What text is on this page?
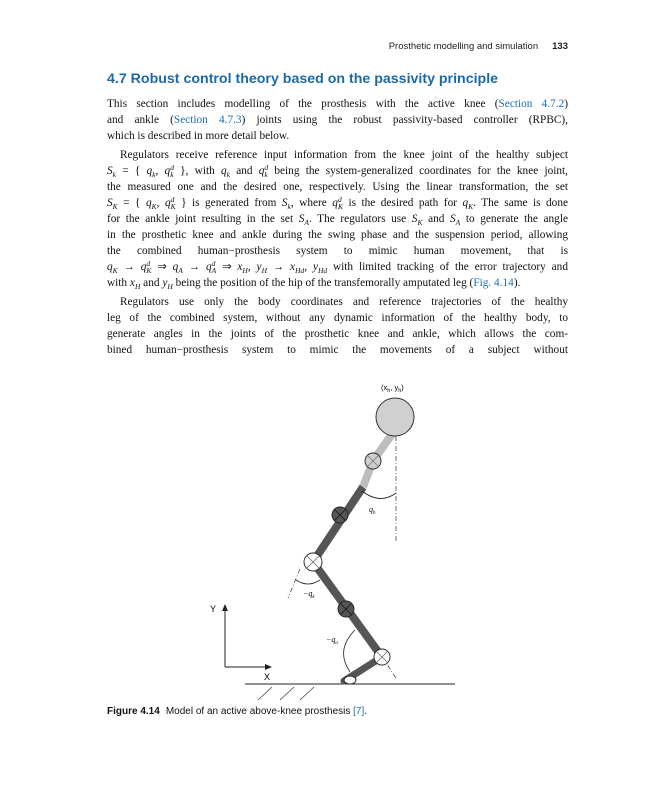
Prosthetic modelling and simulation 133
4.7 Robust control theory based on the passivity principle
This section includes modelling of the prosthesis with the active knee (Section 4.7.2)
and ankle (Section 4.7.3) joints using the robust passivity-based controller (RPBC),
which is described in more detail below.
Regulators receive reference input information from the knee joint of the healthy subject
S
k = { q
k , q d
k }, with q
k and q d
k being the system-generalized coordinates for the knee joint,
the measured one and the desired one, respectively. Using the linear transformation, the set
S
K = { q
K , q d
K } is generated from S
k , where q d
K is the desired path for q
K . The same is done
for the ankle joint resulting in the set S
A . The regulators use S
K and S
A to generate the angle
in the prosthetic knee and ankle during the swing phase and the suspension period, allowing
the combined human−prosthesis system to mimic human movement, that is
q
K → q d
K ⇒ q
A → q d
A ⇒ x
H , y
H → x
Hd , y
Hd with limited tracking of the error trajectory and
with x
H and y
H being the position of the hip of the transfemorally amputated leg (Fig. 4.14).
Regulators use only the body coordinates and reference trajectories of the healthy
leg of the combined system, without any dynamic information of the healthy body, to
generate angles in the joints of the prosthetic knee and ankle, which allows the com-
bined human−prosthesis system to mimic the movements of a subject without
Y
X
($x_h$, $y_h$)
$q_h$
$-q_k$
$-q_a$
Figure 4.14 Model of an active above-knee prosthesis [7].
